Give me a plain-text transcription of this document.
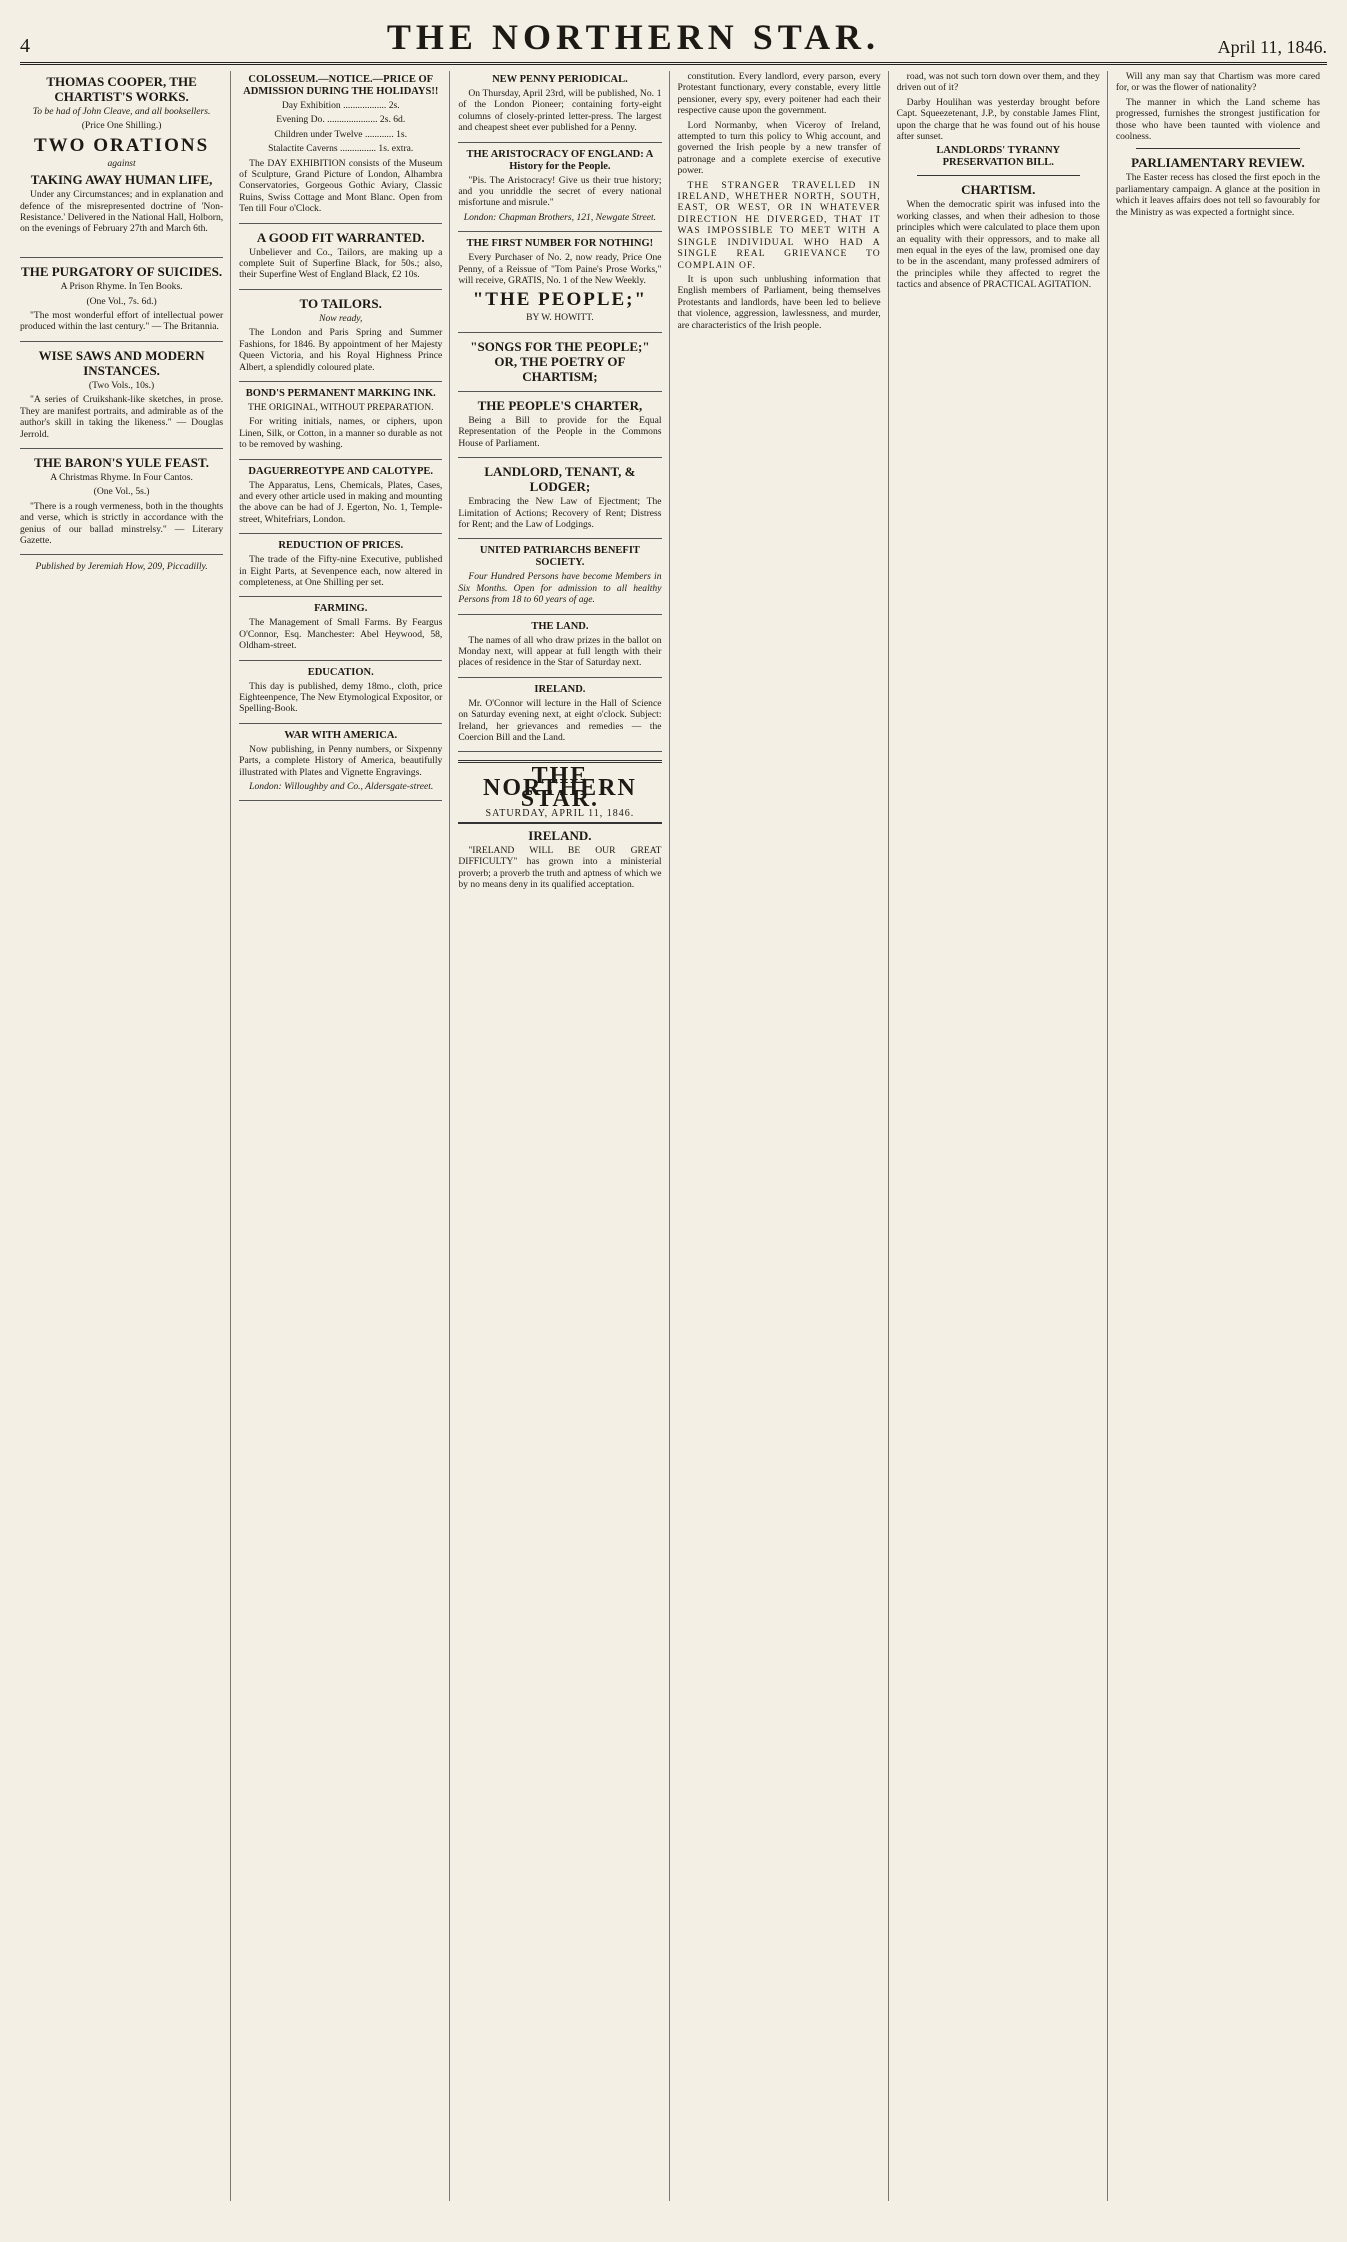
4	THE NORTHERN STAR.	April 11, 1846.
THOMAS COOPER, THE CHARTIST'S WORKS.

To be had of John Cleave, and all booksellers.

(Price One Shilling.)

TWO ORATIONS

against

TAKING AWAY HUMAN LIFE,

Under any Circumstances; and in explanation and defence of the misrepresented doctrine of 'Non-Resistance.' Delivered in the National Hall, Holborn, on the evenings of February 27th and March 6th.

THE PURGATORY OF SUICIDES.

A Prison Rhyme. In Ten Books.

(One Vol., 7s. 6d.)

"The most wonderful effort of intellectual power produced within the last century." — The Britannia.

WISE SAWS AND MODERN INSTANCES.

(Two Vols., 10s.)

"A series of Cruikshank-like sketches, in prose. They are manifest portraits, and admirable as of the author's skill in taking the likeness." — Douglas Jerrold.

THE BARON'S YULE FEAST.

A Christmas Rhyme. In Four Cantos.

(One Vol., 5s.)

"There is a rough vermeness, both in the thoughts and verse, which is strictly in accordance with the genius of our ballad minstrelsy." — Literary Gazette.

Published by Jeremiah How, 209, Piccadilly.

COLOSSEUM.—NOTICE.—PRICE OF ADMISSION DURING THE HOLIDAYS!!

Day Exhibition .................. 2s.

Evening Do. ..................... 2s. 6d.

Children under Twelve ............ 1s.

Stalactite Caverns ............... 1s. extra.

The DAY EXHIBITION consists of the Museum of Sculpture, Grand Picture of London, Alhambra Conservatories, Gorgeous Gothic Aviary, Classic Ruins, Swiss Cottage and Mont Blanc. Open from Ten till Four o'Clock.

A GOOD FIT WARRANTED.

Unbeliever and Co., Tailors, are making up a complete Suit of Superfine Black, for 50s.; also, their Superfine West of England Black, £2 10s.

TO TAILORS.

Now ready,

The London and Paris Spring and Summer Fashions, for 1846. By appointment of her Majesty Queen Victoria, and his Royal Highness Prince Albert, a splendidly coloured plate.

BOND'S PERMANENT MARKING INK.

THE ORIGINAL, WITHOUT PREPARATION.

For writing initials, names, or ciphers, upon Linen, Silk, or Cotton, in a manner so durable as not to be removed by washing.

DAGUERREOTYPE AND CALOTYPE.

The Apparatus, Lens, Chemicals, Plates, Cases, and every other article used in making and mounting the above can be had of J. Egerton, No. 1, Temple-street, Whitefriars, London.

REDUCTION OF PRICES.

The trade of the Fifty-nine Executive, published in Eight Parts, at Sevenpence each, now altered in completeness, at One Shilling per set.

FARMING.

The Management of Small Farms. By Feargus O'Connor, Esq. Manchester: Abel Heywood, 58, Oldham-street.

EDUCATION.

This day is published, demy 18mo., cloth, price Eighteenpence, The New Etymological Expositor, or Spelling-Book.

WAR WITH AMERICA.

Now publishing, in Penny numbers, or Sixpenny Parts, a complete History of America, beautifully illustrated with Plates and Vignette Engravings.

London: Willoughby and Co., Aldersgate-street.

NEW PENNY PERIODICAL.

On Thursday, April 23rd, will be published, No. 1 of the London Pioneer; containing forty-eight columns of closely-printed letter-press. The largest and cheapest sheet ever published for a Penny.

THE ARISTOCRACY OF ENGLAND: A History for the People.

"Pis. The Aristocracy! Give us their true history; and you unriddle the secret of every national misfortune and misrule."

London: Chapman Brothers, 121, Newgate Street.

THE FIRST NUMBER FOR NOTHING!

Every Purchaser of No. 2, now ready, Price One Penny, of a Reissue of "Tom Paine's Prose Works," will receive, GRATIS, No. 1 of the New Weekly.

"THE PEOPLE;"

BY W. HOWITT.

"SONGS FOR THE PEOPLE;" OR, THE POETRY OF CHARTISM;
THE PEOPLE'S CHARTER,

Being a Bill to provide for the Equal Representation of the People in the Commons House of Parliament.

LANDLORD, TENANT, & LODGER;

Embracing the New Law of Ejectment; The Limitation of Actions; Recovery of Rent; Distress for Rent; and the Law of Lodgings.

UNITED PATRIARCHS BENEFIT SOCIETY.

Four Hundred Persons have become Members in Six Months. Open for admission to all healthy Persons from 18 to 60 years of age.

THE LAND.

The names of all who draw prizes in the ballot on Monday next, will appear at full length with their places of residence in the Star of Saturday next.

IRELAND.

Mr. O'Connor will lecture in the Hall of Science on Saturday evening next, at eight o'clock. Subject: Ireland, her grievances and remedies — the Coercion Bill and the Land.

THE NORTHERN STAR.
SATURDAY, APRIL 11, 1846.
IRELAND.

"IRELAND WILL BE OUR GREAT DIFFICULTY" has grown into a ministerial proverb; a proverb the truth and aptness of which we by no means deny in its qualified acceptation.

constitution. Every landlord, every parson, every Protestant functionary, every constable, every little pensioner, every spy, every poitener had each their respective cause upon the government.

Lord Normanby, when Viceroy of Ireland, attempted to turn this policy to Whig account, and governed the Irish people by a new transfer of patronage and a complete exercise of executive power.

THE STRANGER TRAVELLED IN IRELAND, WHETHER NORTH, SOUTH, EAST, OR WEST, OR IN WHATEVER DIRECTION HE DIVERGED, THAT IT WAS IMPOSSIBLE TO MEET WITH A SINGLE INDIVIDUAL WHO HAD A SINGLE REAL GRIEVANCE TO COMPLAIN OF.

It is upon such unblushing information that English members of Parliament, being themselves Protestants and landlords, have been led to believe that violence, aggression, lawlessness, and murder, are characteristics of the Irish people.

road, was not such torn down over them, and they driven out of it?

Darby Houlihan was yesterday brought before Capt. Squeezetenant, J.P., by constable James Flint, upon the charge that he was found out of his house after sunset.

LANDLORDS' TYRANNY PRESERVATION BILL.
CHARTISM.

When the democratic spirit was infused into the working classes, and when their adhesion to those principles which were calculated to place them upon an equality with their oppressors, and to make all men equal in the eyes of the law, promised one day to be in the ascendant, many professed admirers of the principles while they affected to regret the tactics and absence of PRACTICAL AGITATION.

Will any man say that Chartism was more cared for, or was the flower of nationality?

The manner in which the Land scheme has progressed, furnishes the strongest justification for those who have been taunted with violence and coolness.

PARLIAMENTARY REVIEW.

The Easter recess has closed the first epoch in the parliamentary campaign. A glance at the position in which it leaves affairs does not tell so favourably for the Ministry as was expected a fortnight since.
